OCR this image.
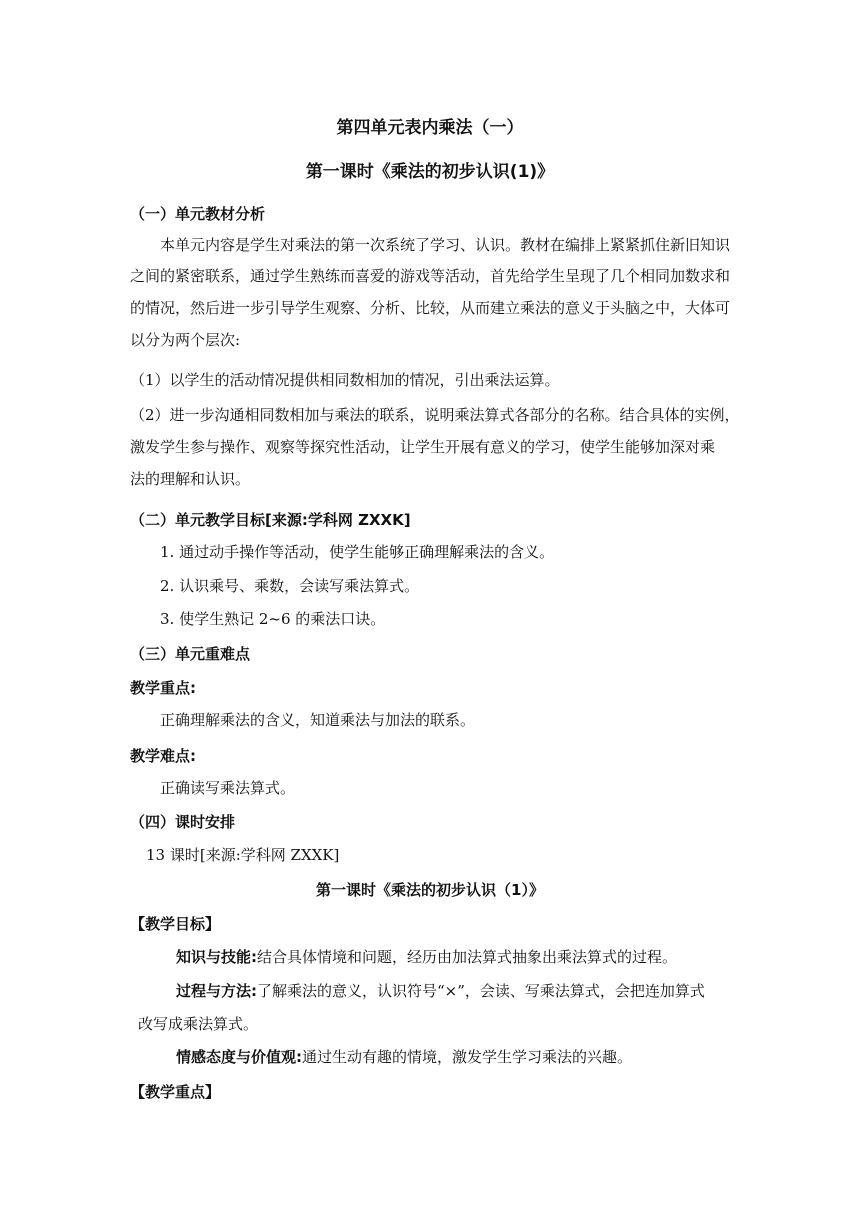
第四单元表内乘法（一）
第一课时《乘法的初步认识(1)》
（一）单元教材分析
本单元内容是学生对乘法的第一次系统了学习、认识。教材在编排上紧紧抓住新旧知识
之间的紧密联系，通过学生熟练而喜爱的游戏等活动，首先给学生呈现了几个相同加数求和
的情况，然后进一步引导学生观察、分析、比较，从而建立乘法的意义于头脑之中，大体可
以分为两个层次:
（1）以学生的活动情况提供相同数相加的情况，引出乘法运算。
（2）进一步沟通相同数相加与乘法的联系，说明乘法算式各部分的名称。结合具体的实例，
激发学生参与操作、观察等探究性活动，让学生开展有意义的学习，使学生能够加深对乘
法的理解和认识。
（二）单元教学目标[来源:学科网 ZXXK]
1. 通过动手操作等活动，使学生能够正确理解乘法的含义。
2. 认识乘号、乘数，会读写乘法算式。
3. 使学生熟记 2~6 的乘法口诀。
（三）单元重难点
教学重点:
正确理解乘法的含义，知道乘法与加法的联系。
教学难点:
正确读写乘法算式。
（四）课时安排
13 课时[来源:学科网 ZXXK]
第一课时《乘法的初步认识（1）》
【教学目标】
知识与技能:结合具体情境和问题，经历由加法算式抽象出乘法算式的过程。
过程与方法:了解乘法的意义，认识符号“×”，会读、写乘法算式，会把连加算式
改写成乘法算式。
情感态度与价值观:通过生动有趣的情境，激发学生学习乘法的兴趣。
【教学重点】
